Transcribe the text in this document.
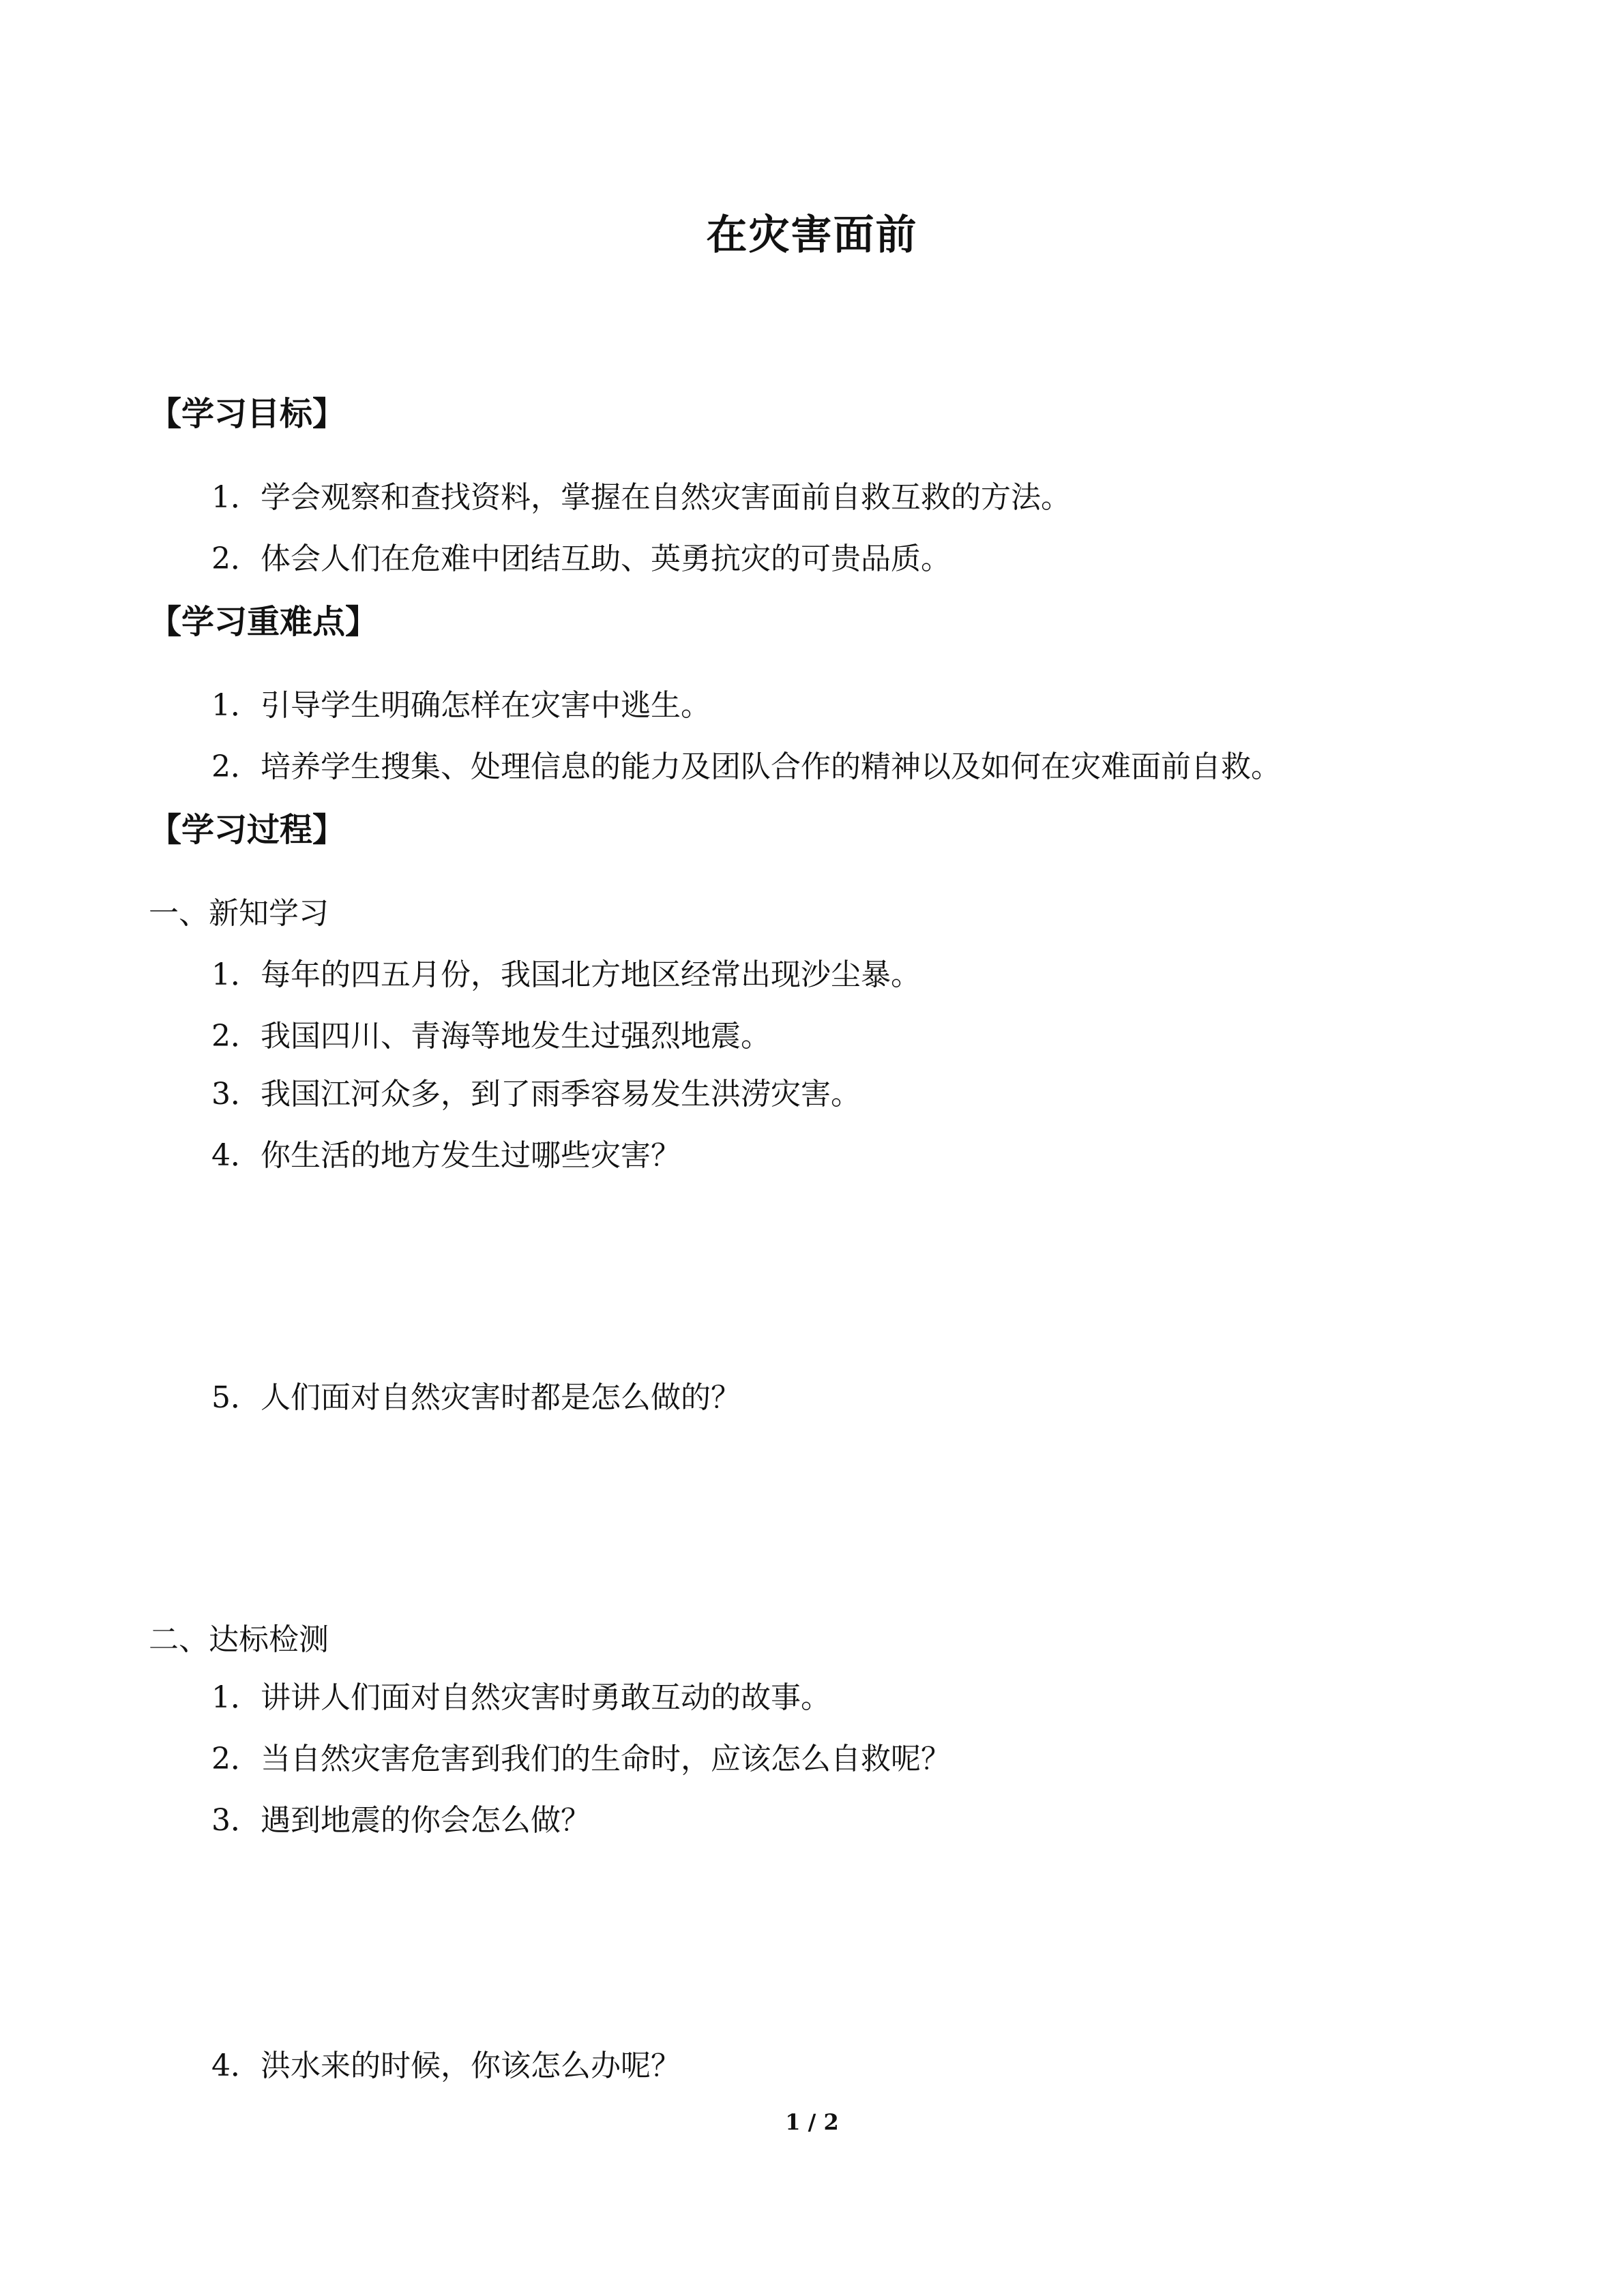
在灾害面前
【学习目标】
1．学会观察和查找资料，掌握在自然灾害面前自救互救的方法。
2．体会人们在危难中团结互助、英勇抗灾的可贵品质。
【学习重难点】
1．引导学生明确怎样在灾害中逃生。
2．培养学生搜集、处理信息的能力及团队合作的精神以及如何在灾难面前自救。
【学习过程】
一、新知学习
1．每年的四五月份，我国北方地区经常出现沙尘暴。
2．我国四川、青海等地发生过强烈地震。
3．我国江河众多，到了雨季容易发生洪涝灾害。
4．你生活的地方发生过哪些灾害？
5．人们面对自然灾害时都是怎么做的？
二、达标检测
1．讲讲人们面对自然灾害时勇敢互动的故事。
2．当自然灾害危害到我们的生命时，应该怎么自救呢？
3．遇到地震的你会怎么做？
4．洪水来的时候，你该怎么办呢？
1 / 2
